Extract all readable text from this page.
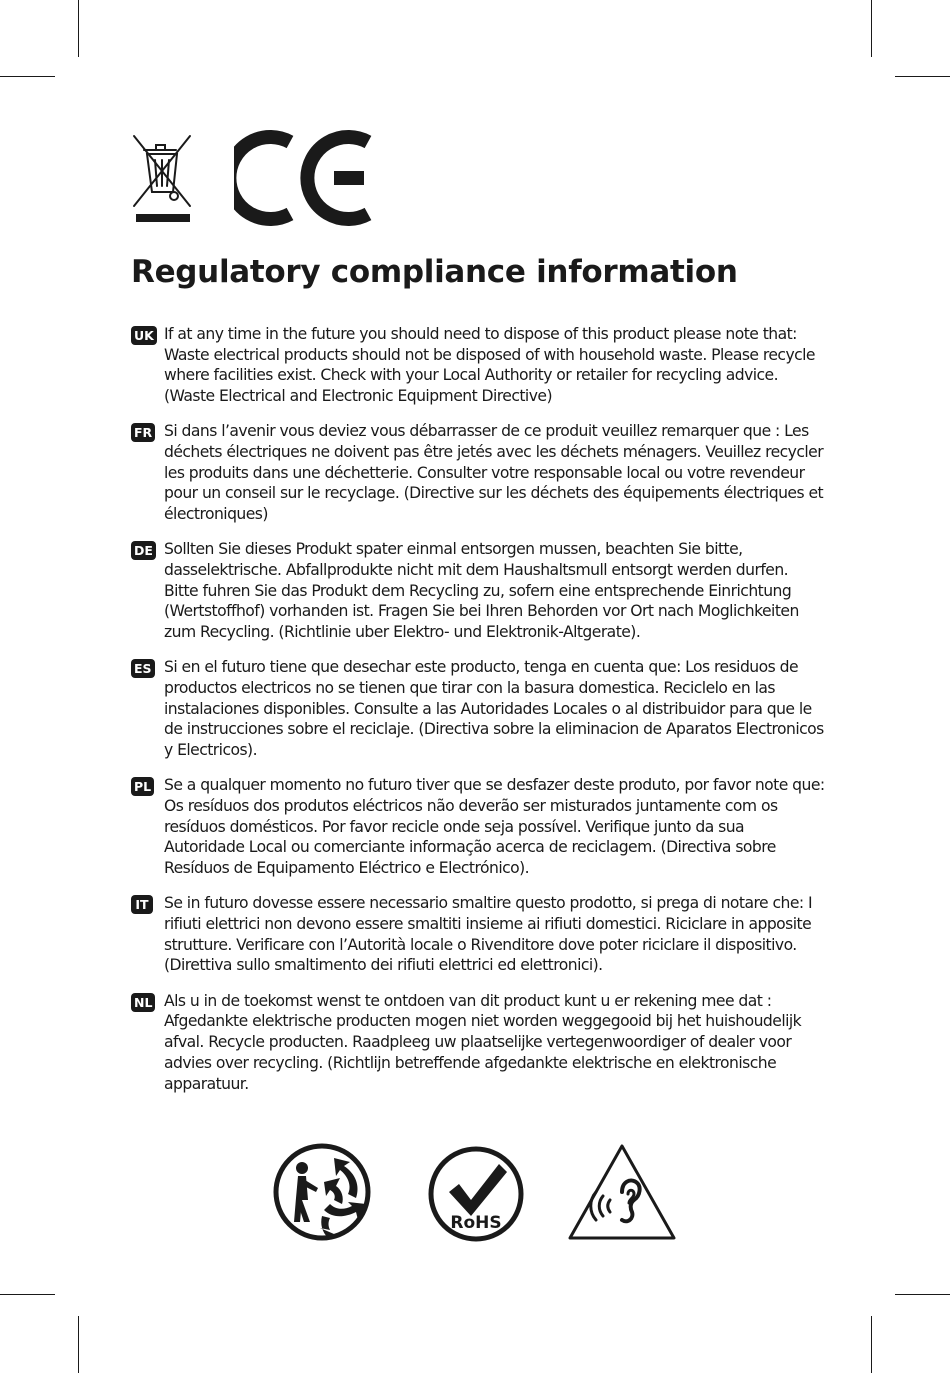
Regulatory compliance information
UK If at any time in the future you should need to dispose of this product please note that: Waste electrical products should not be disposed of with household waste. Please recycle where facilities exist. Check with your Local Authority or retailer for recycling advice. (Waste Electrical and Electronic Equipment Directive)

FR Si dans l’avenir vous deviez vous débarrasser de ce produit veuillez remarquer que : Les déchets électriques ne doivent pas être jetés avec les déchets ménagers. Veuillez recycler les produits dans une déchetterie. Consulter votre responsable local ou votre revendeur pour un conseil sur le recyclage. (Directive sur les déchets des équipements électriques et électroniques)

DE Sollten Sie dieses Produkt spater einmal entsorgen mussen, beachten Sie bitte, dasselektrische. Abfallprodukte nicht mit dem Haushaltsmull entsorgt werden durfen. Bitte fuhren Sie das Produkt dem Recycling zu, sofern eine entsprechende Einrichtung (Wertstoffhof) vorhanden ist. Fragen Sie bei Ihren Behorden vor Ort nach Moglichkeiten zum Recycling. (Richtlinie uber Elektro- und Elektronik-Altgerate).

ES Si en el futuro tiene que desechar este producto, tenga en cuenta que: Los residuos de productos electricos no se tienen que tirar con la basura domestica. Reciclelo en las instalaciones disponibles. Consulte a las Autoridades Locales o al distribuidor para que le de instrucciones sobre el reciclaje. (Directiva sobre la eliminacion de Aparatos Electronicos y Electricos).

PL Se a qualquer momento no futuro tiver que se desfazer deste produto, por favor note que: Os resíduos dos produtos eléctricos não deverão ser misturados juntamente com os resíduos domésticos. Por favor recicle onde seja possível. Verifique junto da sua Autoridade Local ou comerciante informação acerca de reciclagem. (Directiva sobre Resíduos de Equipamento Eléctrico e Electrónico).

IT Se in futuro dovesse essere necessario smaltire questo prodotto, si prega di notare che: I rifiuti elettrici non devono essere smaltiti insieme ai rifiuti domestici. Riciclare in apposite strutture. Verificare con l’Autorità locale o Rivenditore dove poter riciclare il dispositivo. (Direttiva sullo smaltimento dei rifiuti elettrici ed elettronici).

NL Als u in de toekomst wenst te ontdoen van dit product kunt u er rekening mee dat : Afgedankte elektrische producten mogen niet worden weggegooid bij het huishoudelijk afval. Recycle producten. Raadpleeg uw plaatselijke vertegenwoordiger of dealer voor advies over recycling. (Richtlijn betreffende afgedankte elektrische en elektronische apparatuur.

RoHS
